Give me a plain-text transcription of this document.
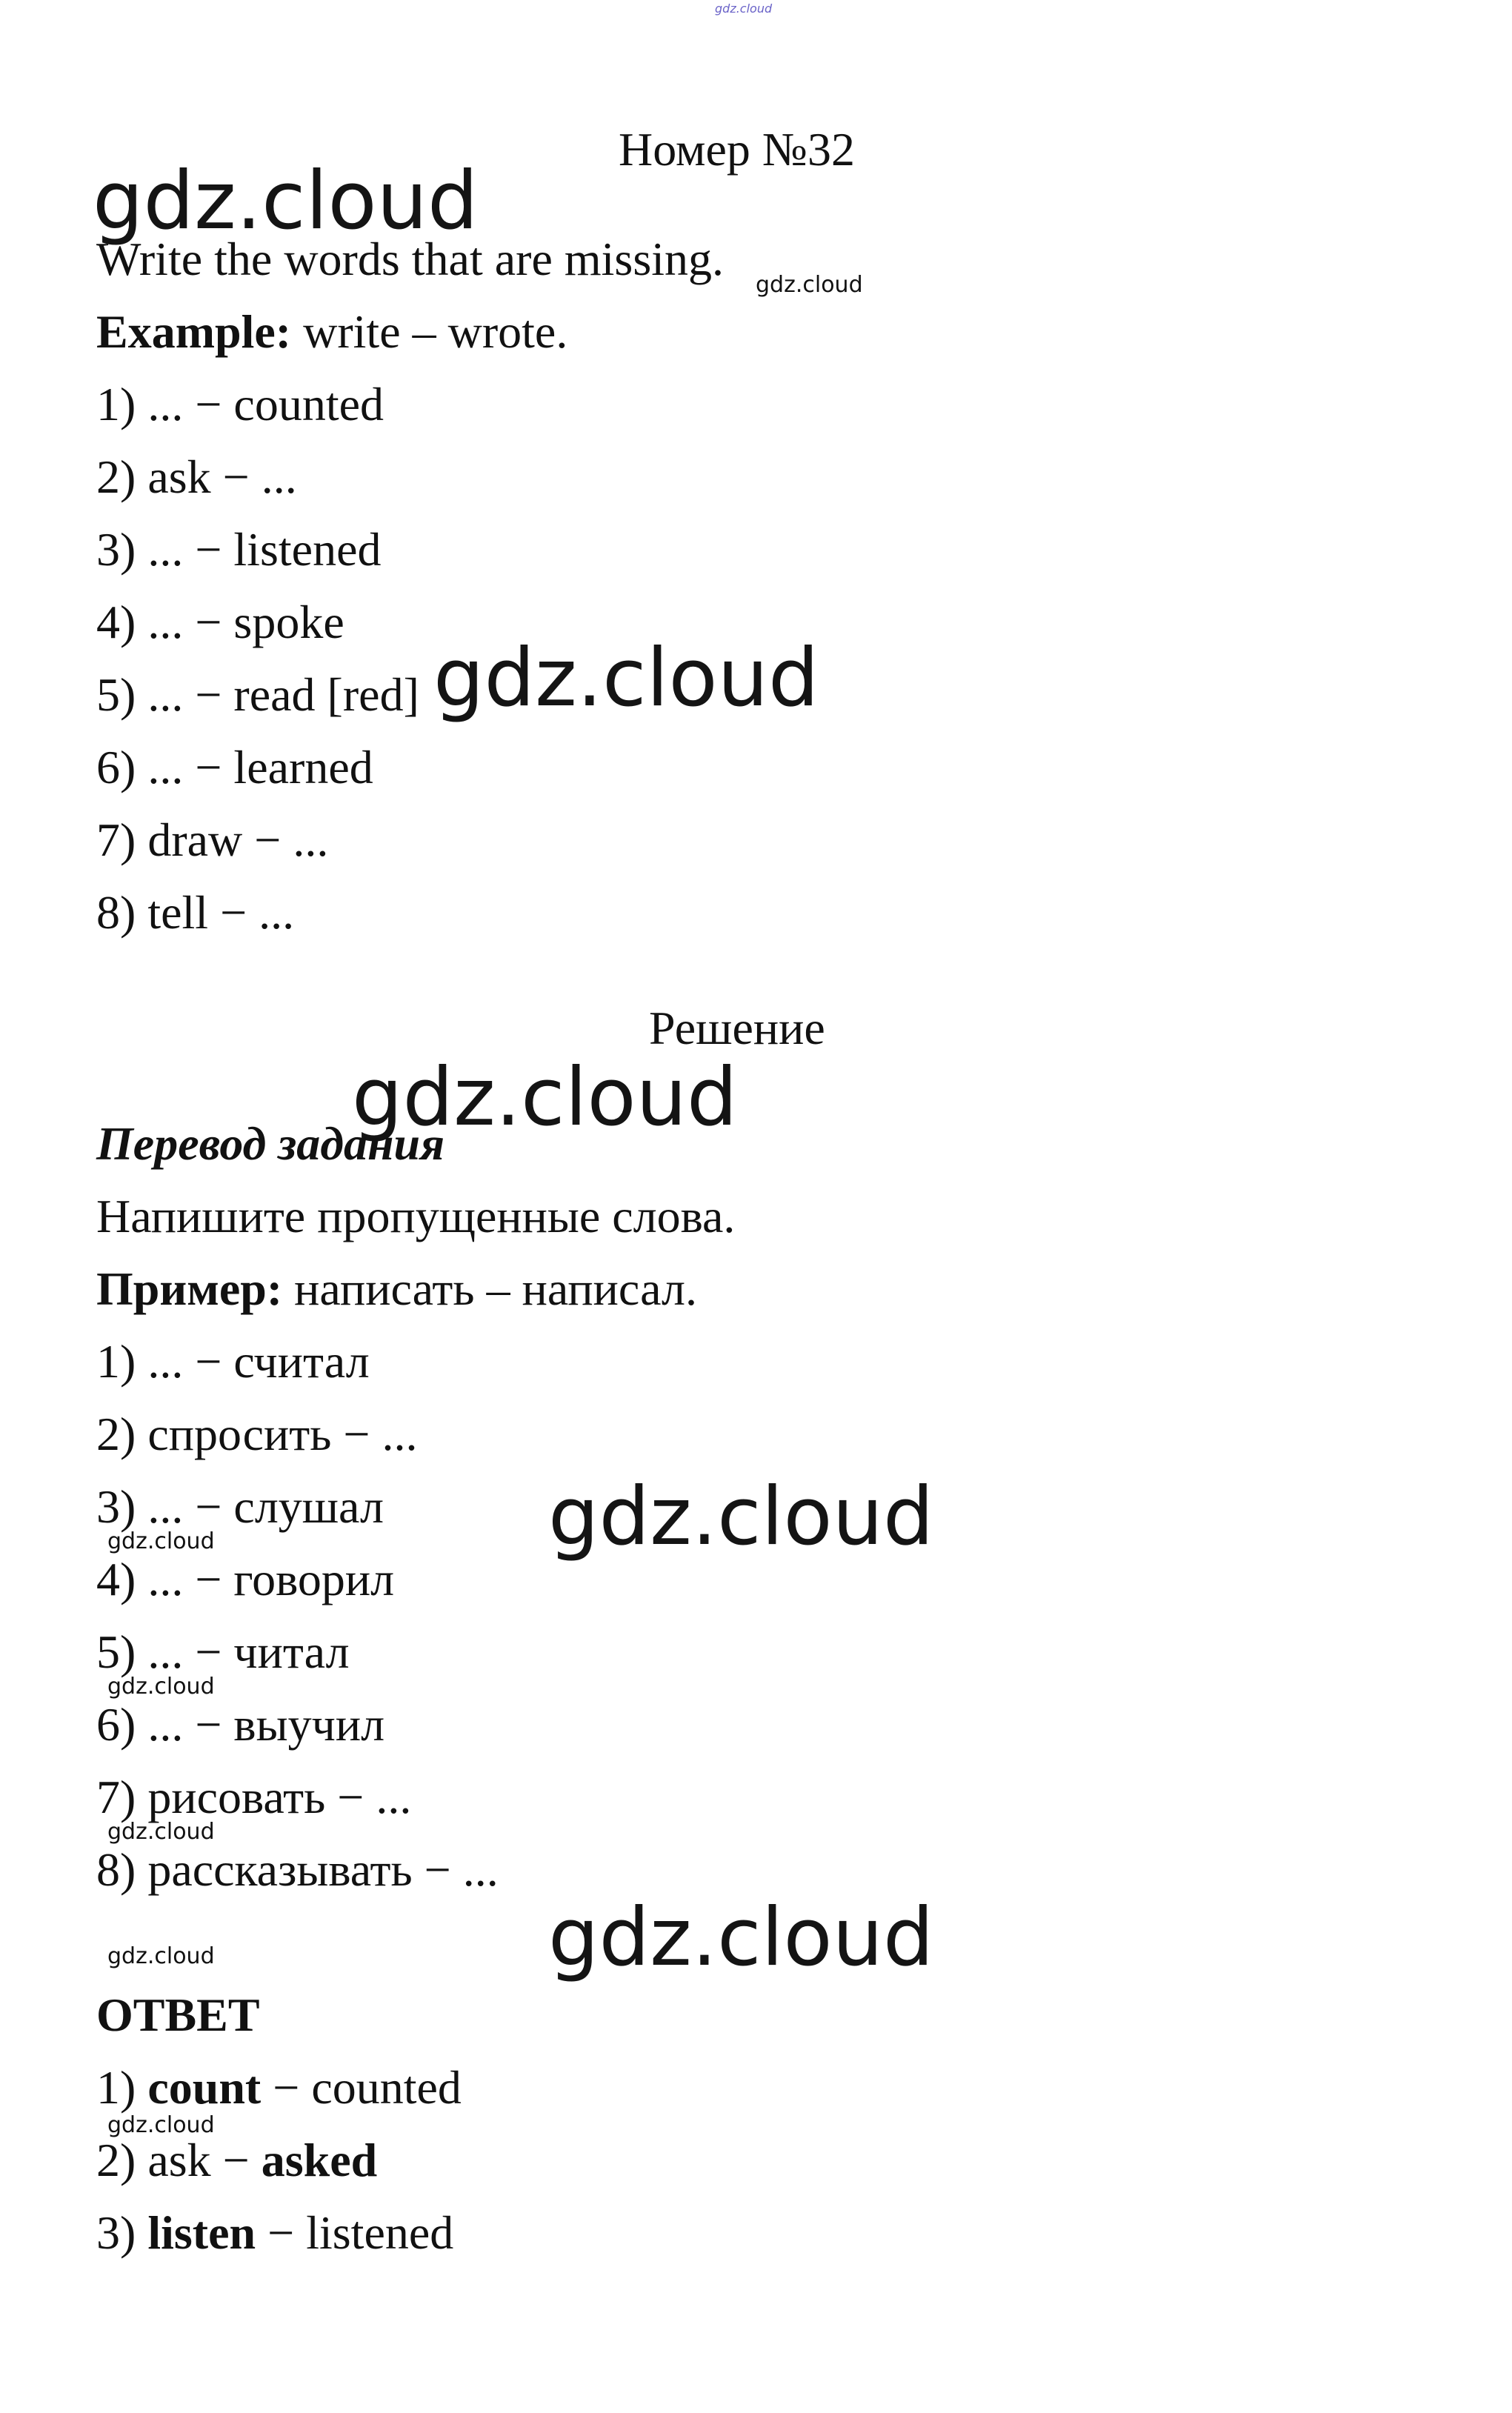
gdz.cloud
Номер №32
gdz.cloud
Write the words that are missing. gdz.cloud
Example: write – wrote.
1) ... − counted
2) ask − ...
3) ... − listened
4) ... − spoke
5) ... − read [red] gdz.cloud
6) ... − learned
7) draw − ...
8) tell − ...
Решение
gdz.cloud
Перевод задания
Напишите пропущенные слова.
Пример: написать – написал.
1) ... − считал
2) спросить − ...
3) ... − слушал gdz.cloud
gdz.cloud
4) ... − говорил
5) ... − читал
gdz.cloud
6) ... − выучил
7) рисовать − ...
gdz.cloud
8) рассказывать − ...
gdz.cloud
gdz.cloud
ОТВЕТ
1) count − counted
gdz.cloud
2) ask − asked
3) listen − listened
